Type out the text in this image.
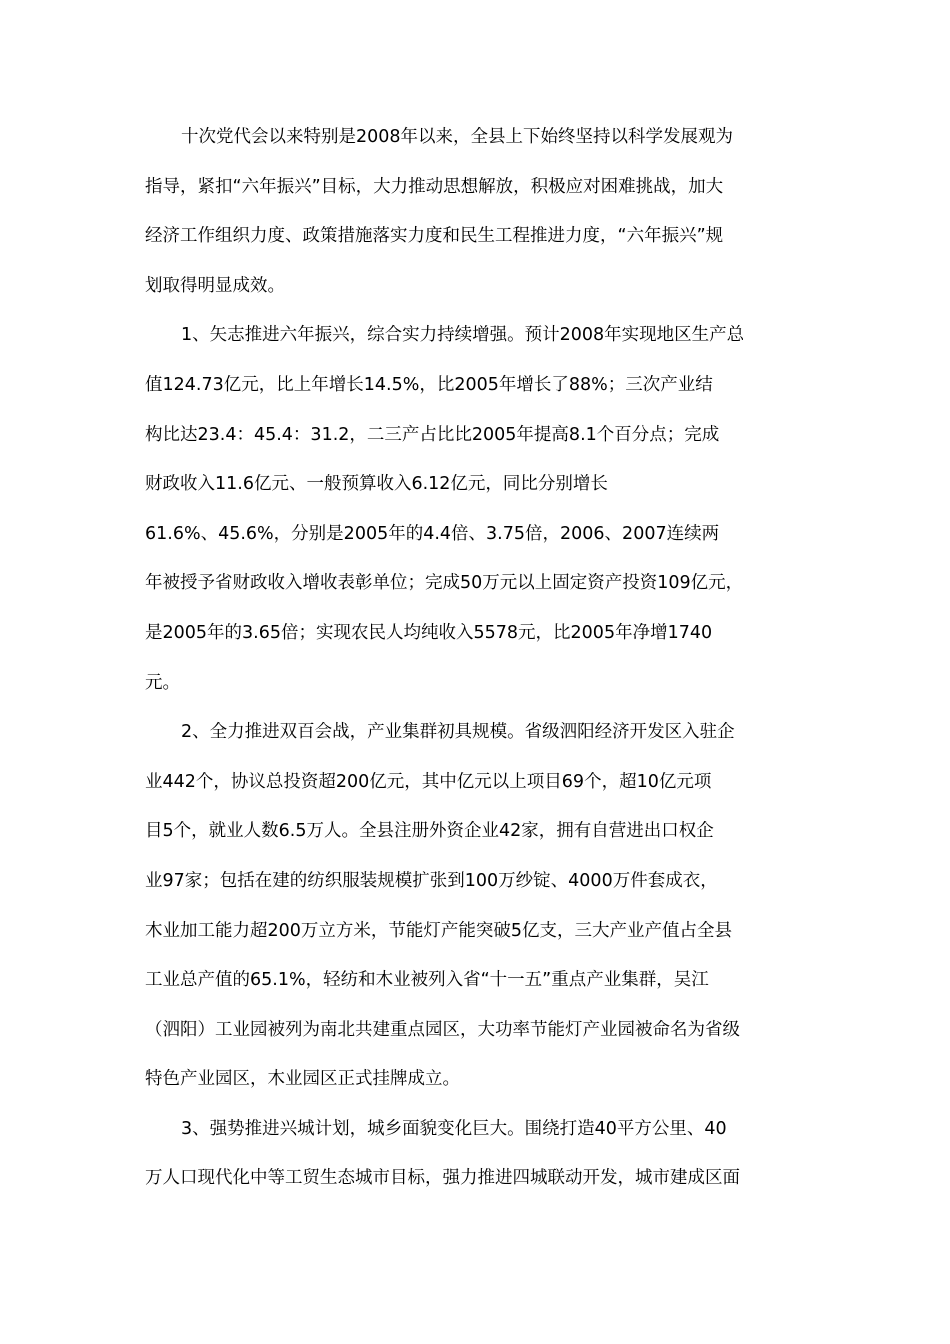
十次党代会以来特别是2008年以来，全县上下始终坚持以科学发展观为
指导，紧扣“六年振兴”目标，大力推动思想解放，积极应对困难挑战，加大
经济工作组织力度、政策措施落实力度和民生工程推进力度，“六年振兴”规
划取得明显成效。
1、矢志推进六年振兴，综合实力持续增强。预计2008年实现地区生产总
值124.73亿元，比上年增长14.5%，比2005年增长了88%；三次产业结
构比达23.4：45.4：31.2，二三产占比比2005年提高8.1个百分点；完成
财政收入11.6亿元、一般预算收入6.12亿元，同比分别增长
61.6%、45.6%，分别是2005年的4.4倍、3.75倍，2006、2007连续两
年被授予省财政收入增收表彰单位；完成50万元以上固定资产投资109亿元，
是2005年的3.65倍；实现农民人均纯收入5578元，比2005年净增1740
元。
2、全力推进双百会战，产业集群初具规模。省级泗阳经济开发区入驻企
业442个，协议总投资超200亿元，其中亿元以上项目69个，超10亿元项
目5个，就业人数6.5万人。全县注册外资企业42家，拥有自营进出口权企
业97家；包括在建的纺织服装规模扩张到100万纱锭、4000万件套成衣，
木业加工能力超200万立方米，节能灯产能突破5亿支，三大产业产值占全县
工业总产值的65.1%，轻纺和木业被列入省“十一五”重点产业集群，吴江
（泗阳）工业园被列为南北共建重点园区，大功率节能灯产业园被命名为省级
特色产业园区，木业园区正式挂牌成立。
3、强势推进兴城计划，城乡面貌变化巨大。围绕打造40平方公里、40
万人口现代化中等工贸生态城市目标，强力推进四城联动开发，城市建成区面
